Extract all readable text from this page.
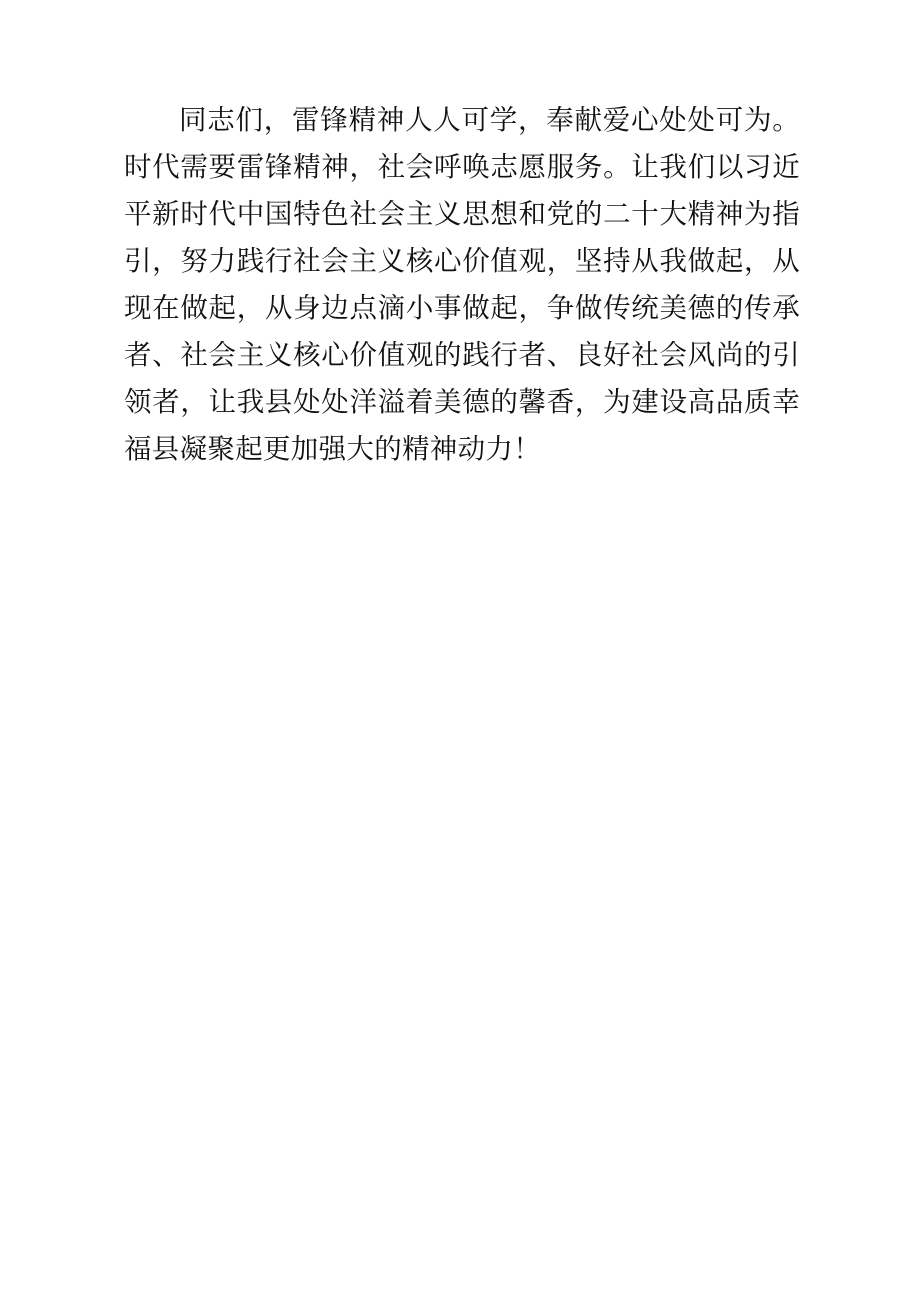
同志们，雷锋精神人人可学，奉献爱心处处可为。时代需要雷锋精神，社会呼唤志愿服务。让我们以习近平新时代中国特色社会主义思想和党的二十大精神为指引，努力践行社会主义核心价值观，坚持从我做起，从现在做起，从身边点滴小事做起，争做传统美德的传承者、社会主义核心价值观的践行者、良好社会风尚的引领者，让我县处处洋溢着美德的馨香，为建设高品质幸福县凝聚起更加强大的精神动力！
